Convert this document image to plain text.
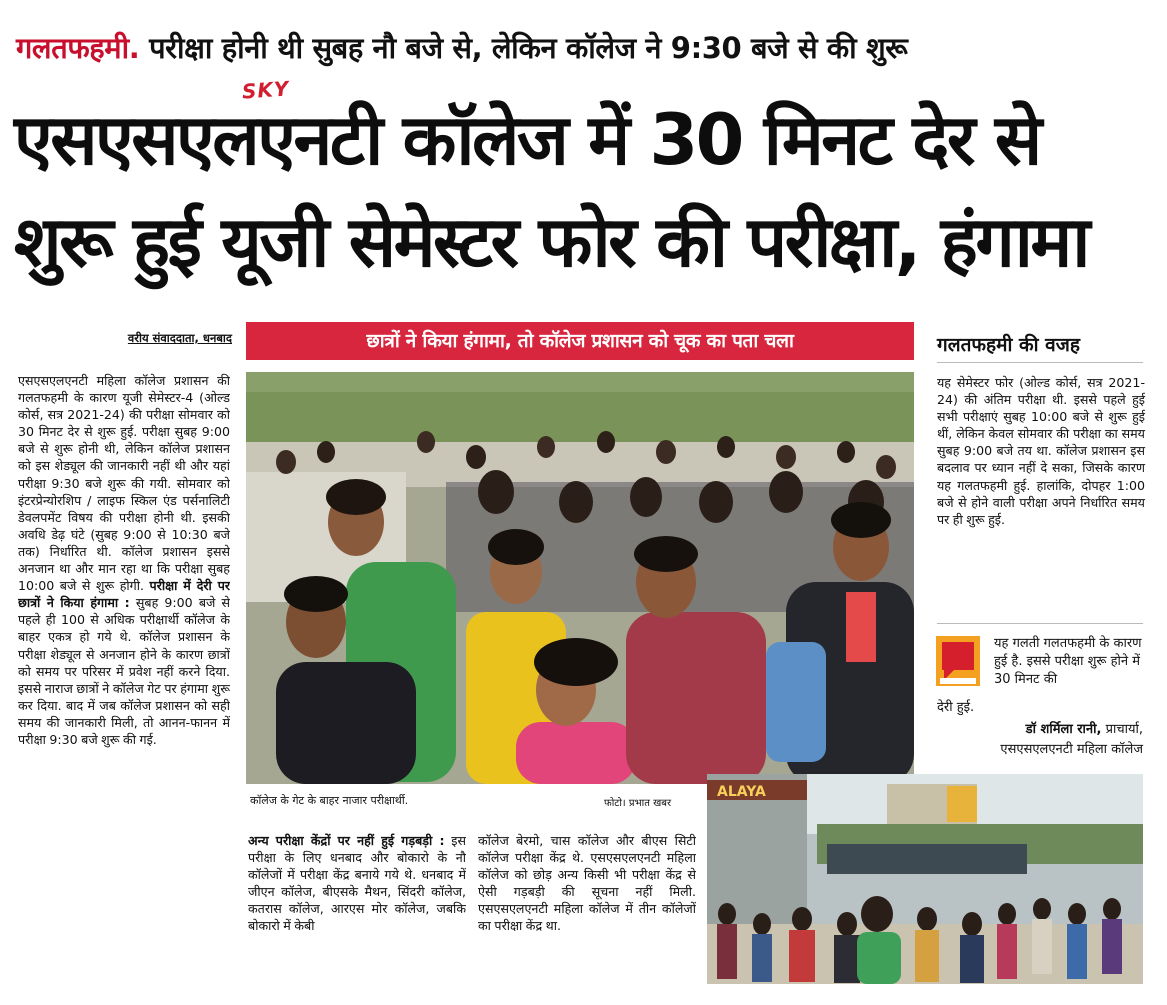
गलतफहमी. परीक्षा होनी थी सुबह नौ बजे से, लेकिन कॉलेज ने 9:30 बजे से की शुरू
SKY
एसएसएलएनटी कॉलेज में 30 मिनट देर से
शुरू हुई यूजी सेमेस्टर फोर की परीक्षा, हंगामा
वरीय संवाददाता, धनबाद
एसएसएलएनटी महिला कॉलेज प्रशासन की गलतफहमी के कारण यूजी सेमेस्टर-4 (ओल्ड कोर्स, सत्र 2021-24) की परीक्षा सोमवार को 30 मिनट देर से शुरू हुई. परीक्षा सुबह 9:00 बजे से शुरू होनी थी, लेकिन कॉलेज प्रशासन को इस शेड्यूल की जानकारी नहीं थी और यहां परीक्षा 9:30 बजे शुरू की गयी. सोमवार को इंटरप्रेन्योरशिप / लाइफ स्किल एंड पर्सनालिटी डेवलपमेंट विषय की परीक्षा होनी थी. इसकी अवधि डेढ़ घंटे (सुबह 9:00 से 10:30 बजे तक) निर्धारित थी. कॉलेज प्रशासन इससे अनजान था और मान रहा था कि परीक्षा सुबह 10:00 बजे से शुरू होगी. परीक्षा में देरी पर छात्रों ने किया हंगामा : सुबह 9:00 बजे से पहले ही 100 से अधिक परीक्षार्थी कॉलेज के बाहर एकत्र हो गये थे. कॉलेज प्रशासन के परीक्षा शेड्यूल से अनजान होने के कारण छात्रों को समय पर परिसर में प्रवेश नहीं करने दिया. इससे नाराज छात्रों ने कॉलेज गेट पर हंगामा शुरू कर दिया. बाद में जब कॉलेज प्रशासन को सही समय की जानकारी मिली, तो आनन-फानन में परीक्षा 9:30 बजे शुरू की गई.
छात्रों ने किया हंगामा, तो कॉलेज प्रशासन को चूक का पता चला
कॉलेज के गेट के बाहर नाजार परीक्षार्थी.	फोटो। प्रभात खबर
अन्य परीक्षा केंद्रों पर नहीं हुई गड़बड़ी : इस परीक्षा के लिए धनबाद और बोकारो के नौ कॉलेजों में परीक्षा केंद्र बनाये गये थे. धनबाद में जीएन कॉलेज, बीएसके मैथन, सिंदरी कॉलेज, कतरास कॉलेज, आरएस मोर कॉलेज, जबकि बोकारो में केबी
कॉलेज बेरमो, चास कॉलेज और बीएस सिटी कॉलेज परीक्षा केंद्र थे. एसएसएलएनटी महिला कॉलेज को छोड़ अन्य किसी भी परीक्षा केंद्र से ऐसी गड़बड़ी की सूचना नहीं मिली. एसएसएलएनटी महिला कॉलेज में तीन कॉलेजों का परीक्षा केंद्र था.
ALAYA
गलतफहमी की वजह
यह सेमेस्टर फोर (ओल्ड कोर्स, सत्र 2021-24) की अंतिम परीक्षा थी. इससे पहले हुई सभी परीक्षाएं सुबह 10:00 बजे से शुरू हुई थीं, लेकिन केवल सोमवार की परीक्षा का समय सुबह 9:00 बजे तय था. कॉलेज प्रशासन इस बदलाव पर ध्यान नहीं दे सका, जिसके कारण यह गलतफहमी हुई. हालांकि, दोपहर 1:00 बजे से होने वाली परीक्षा अपने निर्धारित समय पर ही शुरू हुई.
यह गलती गलतफहमी के कारण हुई है. इससे परीक्षा शुरू होने में 30 मिनट की
देरी हुई.
डॉ शर्मिला रानी, प्राचार्या,
एसएसएलएनटी महिला कॉलेज
